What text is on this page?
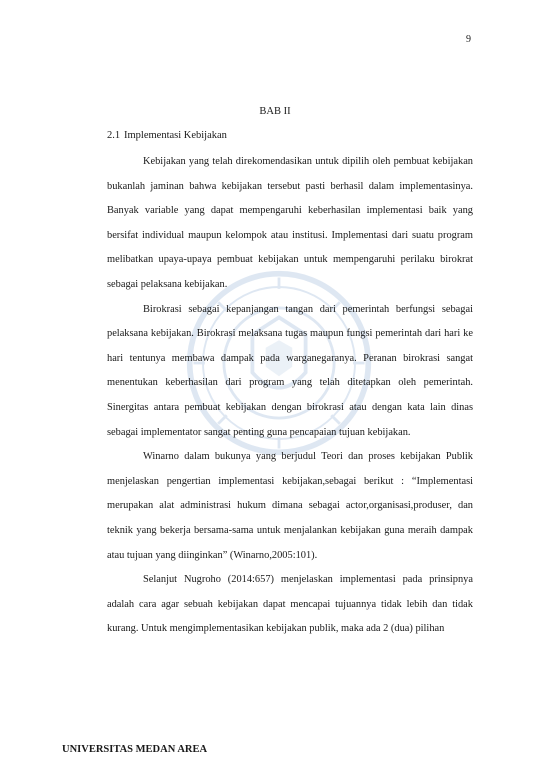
9

BAB II
2.1 Implementasi Kebijakan

Kebijakan yang telah direkomendasikan untuk dipilih oleh pembuat kebijakan bukanlah jaminan bahwa kebijakan tersebut pasti berhasil dalam implementasinya. Banyak variable yang dapat mempengaruhi keberhasilan implementasi baik yang bersifat individual maupun kelompok atau institusi. Implementasi dari suatu program melibatkan upaya-upaya pembuat kebijakan untuk mempengaruhi perilaku birokrat sebagai pelaksana kebijakan.

Birokrasi sebagai kepanjangan tangan dari pemerintah berfungsi sebagai pelaksana kebijakan. Birokrasi melaksana tugas maupun fungsi pemerintah dari hari ke hari tentunya membawa dampak pada warganegaranya. Peranan birokrasi sangat menentukan keberhasilan dari program yang telah ditetapkan oleh pemerintah. Sinergitas antara pembuat kebijakan dengan birokrasi atau dengan kata lain dinas sebagai implementator sangat penting guna pencapaian tujuan kebijakan.

Winarno dalam bukunya yang berjudul Teori dan proses kebijakan Publik menjelaskan pengertian implementasi kebijakan,sebagai berikut : “Implementasi merupakan alat administrasi hukum dimana sebagai actor,organisasi,produser, dan teknik yang bekerja bersama-sama untuk menjalankan kebijakan guna meraih dampak atau tujuan yang diinginkan” (Winarno,2005:101).

Selanjut Nugroho (2014:657) menjelaskan implementasi pada prinsipnya adalah cara agar sebuah kebijakan dapat mencapai tujuannya tidak lebih dan tidak kurang. Untuk mengimplementasikan kebijakan publik, maka ada 2 (dua) pilihan

UNIVERSITAS MEDAN AREA
